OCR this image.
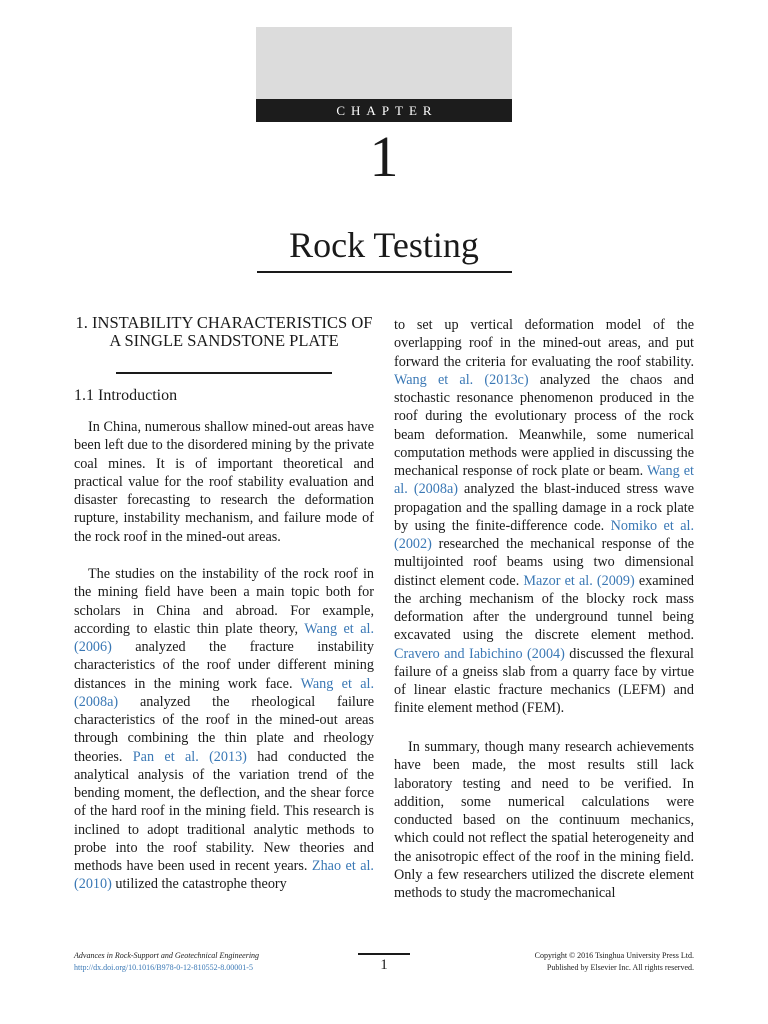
CHAPTER
1
Rock Testing
1. INSTABILITY CHARACTERISTICS OF A SINGLE SANDSTONE PLATE
1.1 Introduction

In China, numerous shallow mined-out areas have been left due to the disordered mining by the private coal mines. It is of important theoretical and practical value for the roof stability evaluation and disaster forecasting to research the deformation rupture, instability mechanism, and failure mode of the rock roof in the mined-out areas.

The studies on the instability of the rock roof in the mining field have been a main topic both for scholars in China and abroad. For example, according to elastic thin plate theory, Wang et al. (2006) analyzed the fracture instability characteristics of the roof under different mining distances in the mining work face. Wang et al. (2008a) analyzed the rheological failure characteristics of the roof in the mined-out areas through combining the thin plate and rheology theories. Pan et al. (2013) had conducted the analytical analysis of the variation trend of the bending moment, the deflection, and the shear force of the hard roof in the mining field. This research is inclined to adopt traditional analytic methods to probe into the roof stability. New theories and methods have been used in recent years. Zhao et al. (2010) utilized the catastrophe theory

to set up vertical deformation model of the overlapping roof in the mined-out areas, and put forward the criteria for evaluating the roof stability. Wang et al. (2013c) analyzed the chaos and stochastic resonance phenomenon produced in the roof during the evolutionary process of the rock beam deformation. Meanwhile, some numerical computation methods were applied in discussing the mechanical response of rock plate or beam. Wang et al. (2008a) analyzed the blast-induced stress wave propagation and the spalling damage in a rock plate by using the finite-difference code. Nomiko et al. (2002) researched the mechanical response of the multijointed roof beams using two dimensional distinct element code. Mazor et al. (2009) examined the arching mechanism of the blocky rock mass deformation after the underground tunnel being excavated using the discrete element method. Cravero and Iabichino (2004) discussed the flexural failure of a gneiss slab from a quarry face by virtue of linear elastic fracture mechanics (LEFM) and finite element method (FEM).

In summary, though many research achievements have been made, the most results still lack laboratory testing and need to be verified. In addition, some numerical calculations were conducted based on the continuum mechanics, which could not reflect the spatial heterogeneity and the anisotropic effect of the roof in the mining field. Only a few researchers utilized the discrete element methods to study the macromechanical

Advances in Rock-Support and Geotechnical Engineering
http://dx.doi.org/10.1016/B978-0-12-810552-8.00001-5	1
Copyright © 2016 Tsinghua University Press Ltd.
Published by Elsevier Inc. All rights reserved.
